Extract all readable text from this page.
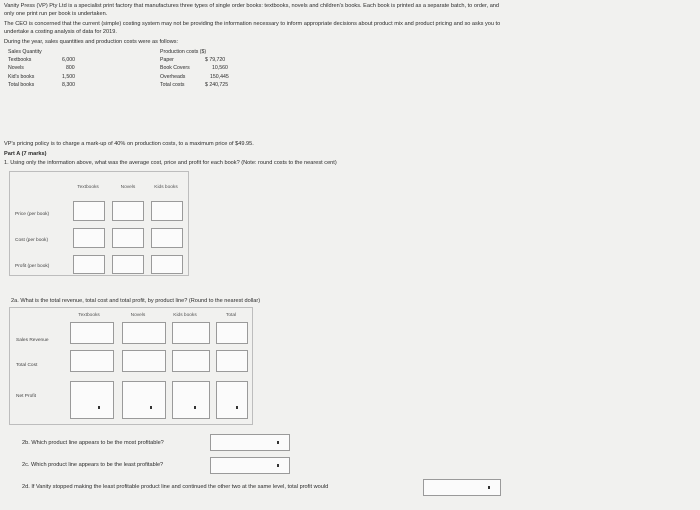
Vanity Press (VP) Pty Ltd is a specialist print factory that manufactures three types of single order books: textbooks, novels and children's books. Each book is printed as a separate batch, to order, and
only one print run per book is undertaken.
The CEO is concerned that the current (simple) costing system may not be providing the information necessary to inform appropriate decisions about product mix and product pricing and so asks you to
undertake a costing analysis of data for 2019.
During the year, sales quantities and production costs were as follows:
Sales Quantity
Textbooks	6,000
Novels	800
Kid's books	1,500
Total books	8,300
Production costs ($)
Paper	$ 79,720
Book Covers	10,560
Overheads	150,445
Total costs	$ 240,725
VP's pricing policy is to charge a mark-up of 40% on production costs, to a maximum price of $49.95.
Part A (7 marks)
1. Using only the information above, what was the average cost, price and profit for each book? (Note: round costs to the nearest cent)
Textbooks	Novels	Kids books
Price (per book)
Cost (per book)
Profit (per book)
2a. What is the total revenue, total cost and total profit, by product line? (Round to the nearest dollar)
Textbooks	Novels	Kids books	Total
Sales Revenue
Total Cost
Net Profit
2b. Which product line appears to be the most profitable?
2c. Which product line appears to be the least profitable?
2d. If Vanity stopped making the least profitable product line and continued the other two at the same level, total profit would
